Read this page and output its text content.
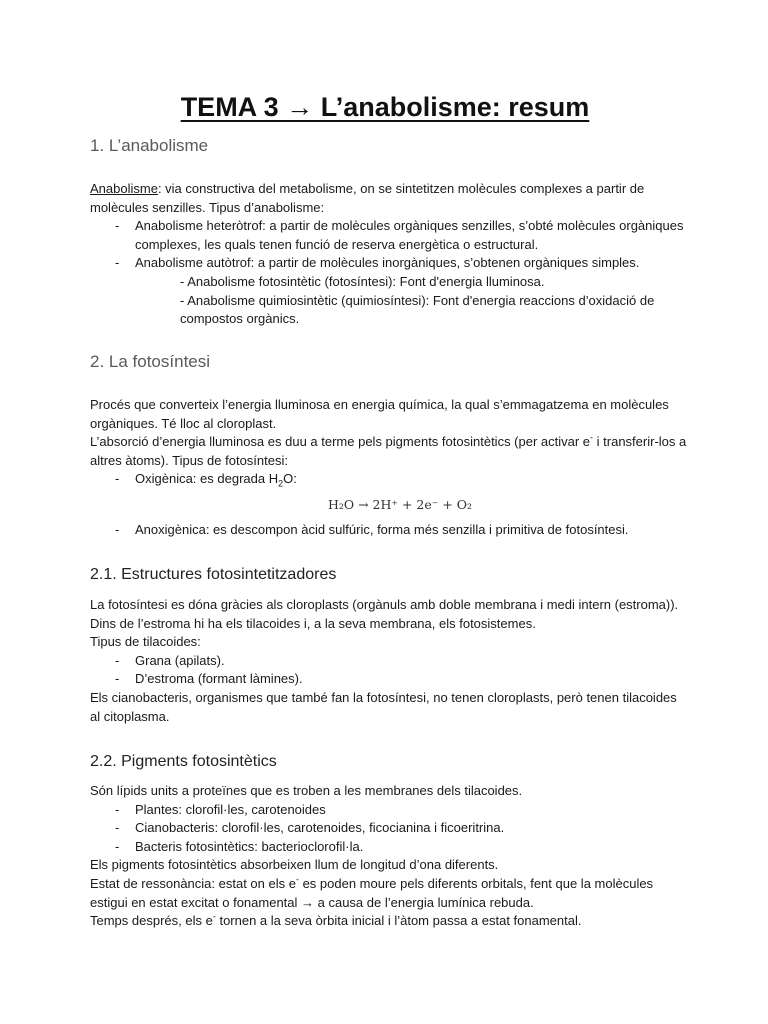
TEMA 3 → L’anabolisme: resum
1. L’anabolisme

Anabolisme: via constructiva del metabolisme, on se sintetitzen molècules complexes a partir de molècules senzilles. Tipus d’anabolisme:

- Anabolisme heteròtrof: a partir de molècules orgàniques senzilles, s’obté molècules orgàniques complexes, les quals tenen funció de reserva energètica o estructural.
- Anabolisme autòtrof: a partir de molècules inorgàniques, s’obtenen orgàniques simples.

- Anabolisme fotosintètic (fotosíntesi): Font d'energia lluminosa.

- Anabolisme quimiosintètic (quimiosíntesi): Font d'energia reaccions d’oxidació de compostos orgànics.

2. La fotosíntesi

Procés que converteix l’energia lluminosa en energia química, la qual s’emmagatzema en molècules orgàniques. Té lloc al cloroplast.

L’absorció d’energia lluminosa es duu a terme pels pigments fotosintètics (per activar e- i transferir-los a altres àtoms). Tipus de fotosíntesi:

- Oxigènica: es degrada $H_2O$:
H₂O → 2H⁺ + 2e⁻ + O₂
- Anoxigènica: es descompon àcid sulfúric, forma més senzilla i primitiva de fotosíntesi.
2.1. Estructures fotosintetitzadores

La fotosíntesi es dóna gràcies als cloroplasts (orgànuls amb doble membrana i medi intern (estroma)). Dins de l’estroma hi ha els tilacoides i, a la seva membrana, els fotosistemes.

Tipus de tilacoides:

- Grana (apilats).
- D’estroma (formant làmines).

Els cianobacteris, organismes que també fan la fotosíntesi, no tenen cloroplasts, però tenen tilacoides al citoplasma.

2.2. Pigments fotosintètics

Són lípids units a proteïnes que es troben a les membranes dels tilacoides.

- Plantes: clorofil·les, carotenoides
- Cianobacteris: clorofil·les, carotenoides, ficocianina i ficoeritrina.
- Bacteris fotosintètics: bacterioclorofil·la.

Els pigments fotosintètics absorbeixen llum de longitud d’ona diferents.

Estat de ressonància: estat on els e- es poden moure pels diferents orbitals, fent que la molècules estigui en estat excitat o fonamental → a causa de l’energia lumínica rebuda.

Temps després, els e- tornen a la seva òrbita inicial i l’àtom passa a estat fonamental.
